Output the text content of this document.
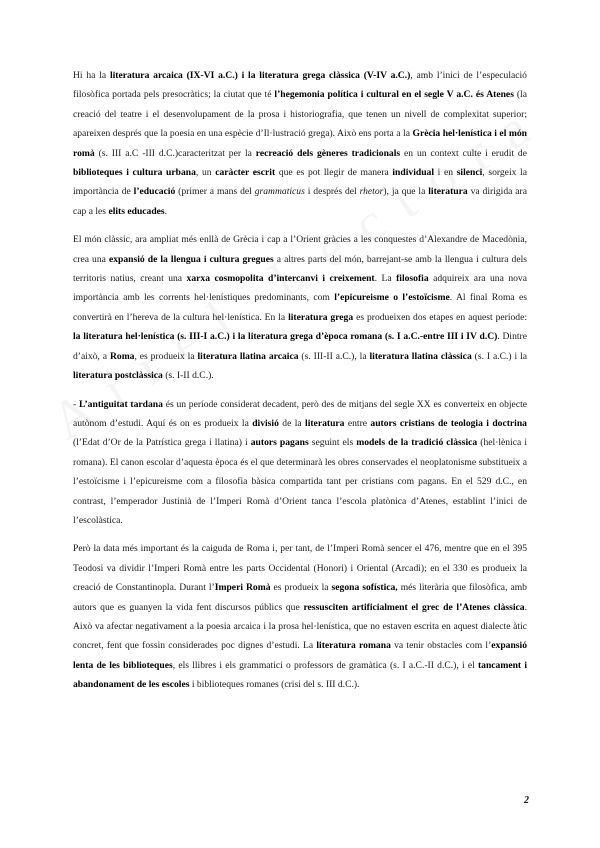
Hi ha la literatura arcaica (IX-VI a.C.) i la literatura grega clàssica (V-IV a.C.), amb l’inici de l’especulació filosòfica portada pels presocràtics; la ciutat que té l’hegemonia política i cultural en el segle V a.C. és Atenes (la creació del teatre i el desenvolupament de la prosa i historiografia, que tenen un nivell de complexitat superior; apareixen després que la poesia en una espècie d’Il·lustració grega). Això ens porta a la Grècia hel·lenística i el món romà (s. III a.C -III d.C.)caracteritzat per la recreació dels gèneres tradicionals en un context culte i erudit de biblioteques i cultura urbana, un caràcter escrit que es pot llegir de manera individual i en silenci, sorgeix la importància de l’educació (primer a mans del grammaticus i després del rhetor), ja que la literatura va dirigida ara cap a les elits educades.

El món clàssic, ara ampliat més enllà de Grècia i cap a l’Orient gràcies a les conquestes d’Alexandre de Macedònia, crea una expansió de la llengua i cultura gregues a altres parts del món, barrejant-se amb la llengua i cultura dels territoris natius, creant una xarxa cosmopolita d’intercanvi i creixement. La filosofia adquireix ara una nova importància amb les corrents hel·lenístiques predominants, com l’epicureisme o l’estoïcisme. Al final Roma es convertirà en l’hereva de la cultura hel·lenística. En la literatura grega es produeixen dos etapes en aquest període: la literatura hel·lenística (s. III-I a.C.) i la literatura grega d’època romana (s. I a.C.-entre III i IV d.C). Dintre d’això, a Roma, es produeix la literatura llatina arcaica (s. III-II a.C.), la literatura llatina clàssica (s. I a.C.) i la literatura postclàssica (s. I-II d.C.).

- L’antiguitat tardana és un període considerat decadent, però des de mitjans del segle XX es converteix en objecte autònom d’estudi. Aquí és on es produeix la divisió de la literatura entre autors cristians de teologia i doctrina (l’Edat d’Or de la Patrística grega i llatina) i autors pagans seguint els models de la tradició clàssica (hel·lènica i romana). El canon escolar d’aquesta època és el que determinarà les obres conservades el neoplatonisme substitueix a l’estoïcisme i l’epicureisme com a filosofia bàsica compartida tant per cristians com pagans. En el 529 d.C., en contrast, l’emperador Justinià de l’Imperi Romà d’Orient tanca l’escola platònica d’Atenes, establint l’inici de l’escolàstica.

Però la data més important és la caiguda de Roma i, per tant, de l’Imperi Romà sencer el 476, mentre que en el 395 Teodosi va dividir l’Imperi Romà entre les parts Occidental (Honori) i Oriental (Arcadi); en el 330 es produeix la creació de Constantinopla. Durant l’Imperi Romà es produeix la segona sofística, més literària que filosòfica, amb autors que es guanyen la vida fent discursos públics que ressusciten artificialment el grec de l’Atenes clàssica. Això va afectar negativament a la poesia arcaica i la prosa hel·lenística, que no estaven escrita en aquest dialecte àtic concret, fent que fossin considerades poc dignes d’estudi. La literatura romana va tenir obstacles com l’expansió lenta de les biblioteques, els llibres i els grammatici o professors de gramàtica (s. I a.C.-II d.C.), i el tancament i abandonament de les escoles i biblioteques romanes (crisi del s. III d.C.).

2
